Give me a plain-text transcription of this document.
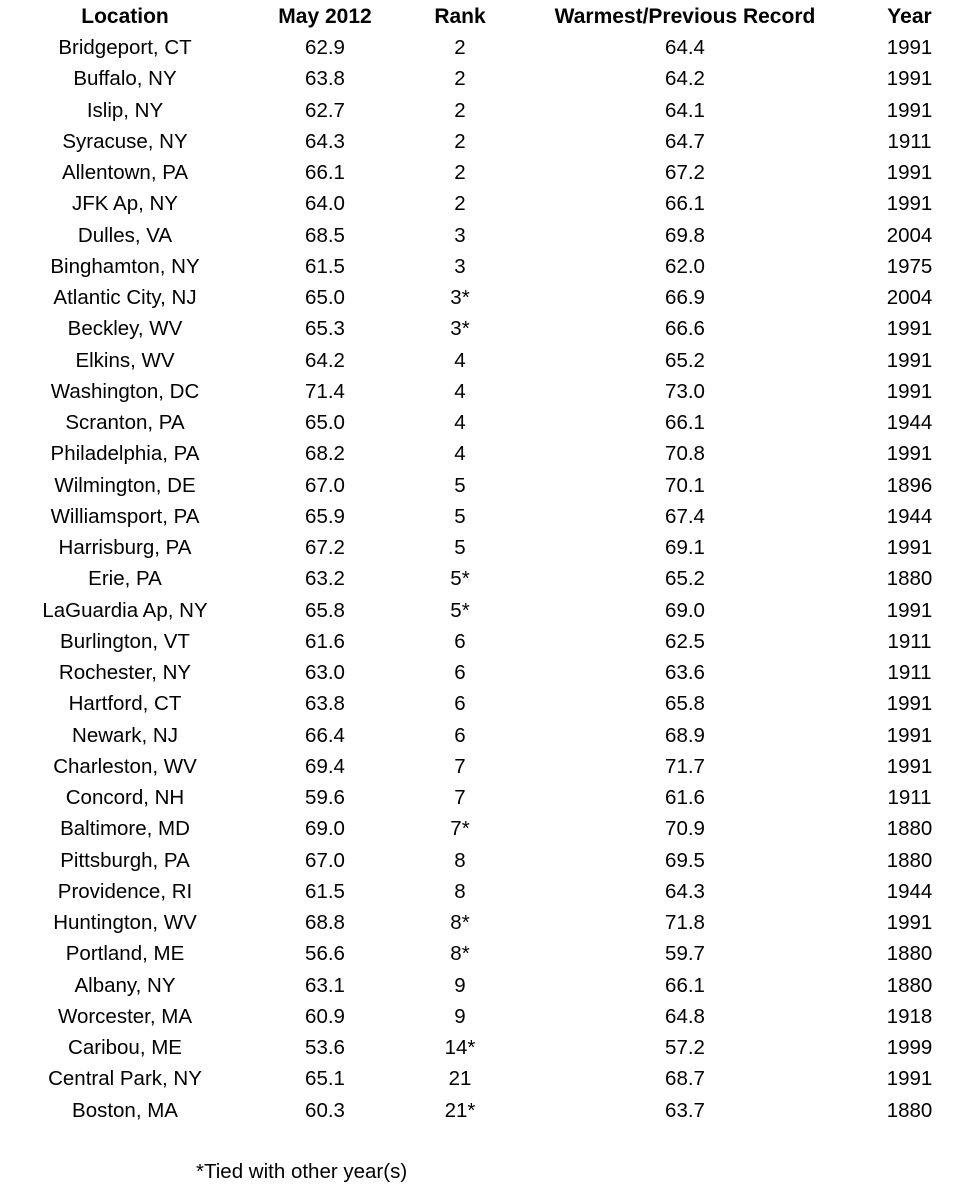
Location	May 2012	Rank	Warmest/Previous Record	Year
Bridgeport, CT	62.9	2	64.4	1991
Buffalo, NY	63.8	2	64.2	1991
Islip, NY	62.7	2	64.1	1991
Syracuse, NY	64.3	2	64.7	1911
Allentown, PA	66.1	2	67.2	1991
JFK Ap, NY	64.0	2	66.1	1991
Dulles, VA	68.5	3	69.8	2004
Binghamton, NY	61.5	3	62.0	1975
Atlantic City, NJ	65.0	3*	66.9	2004
Beckley, WV	65.3	3*	66.6	1991
Elkins, WV	64.2	4	65.2	1991
Washington, DC	71.4	4	73.0	1991
Scranton, PA	65.0	4	66.1	1944
Philadelphia, PA	68.2	4	70.8	1991
Wilmington, DE	67.0	5	70.1	1896
Williamsport, PA	65.9	5	67.4	1944
Harrisburg, PA	67.2	5	69.1	1991
Erie, PA	63.2	5*	65.2	1880
LaGuardia Ap, NY	65.8	5*	69.0	1991
Burlington, VT	61.6	6	62.5	1911
Rochester, NY	63.0	6	63.6	1911
Hartford, CT	63.8	6	65.8	1991
Newark, NJ	66.4	6	68.9	1991
Charleston, WV	69.4	7	71.7	1991
Concord, NH	59.6	7	61.6	1911
Baltimore, MD	69.0	7*	70.9	1880
Pittsburgh, PA	67.0	8	69.5	1880
Providence, RI	61.5	8	64.3	1944
Huntington, WV	68.8	8*	71.8	1991
Portland, ME	56.6	8*	59.7	1880
Albany, NY	63.1	9	66.1	1880
Worcester, MA	60.9	9	64.8	1918
Caribou, ME	53.6	14*	57.2	1999
Central Park, NY	65.1	21	68.7	1991
Boston, MA	60.3	21*	63.7	1880
*Tied with other year(s)
